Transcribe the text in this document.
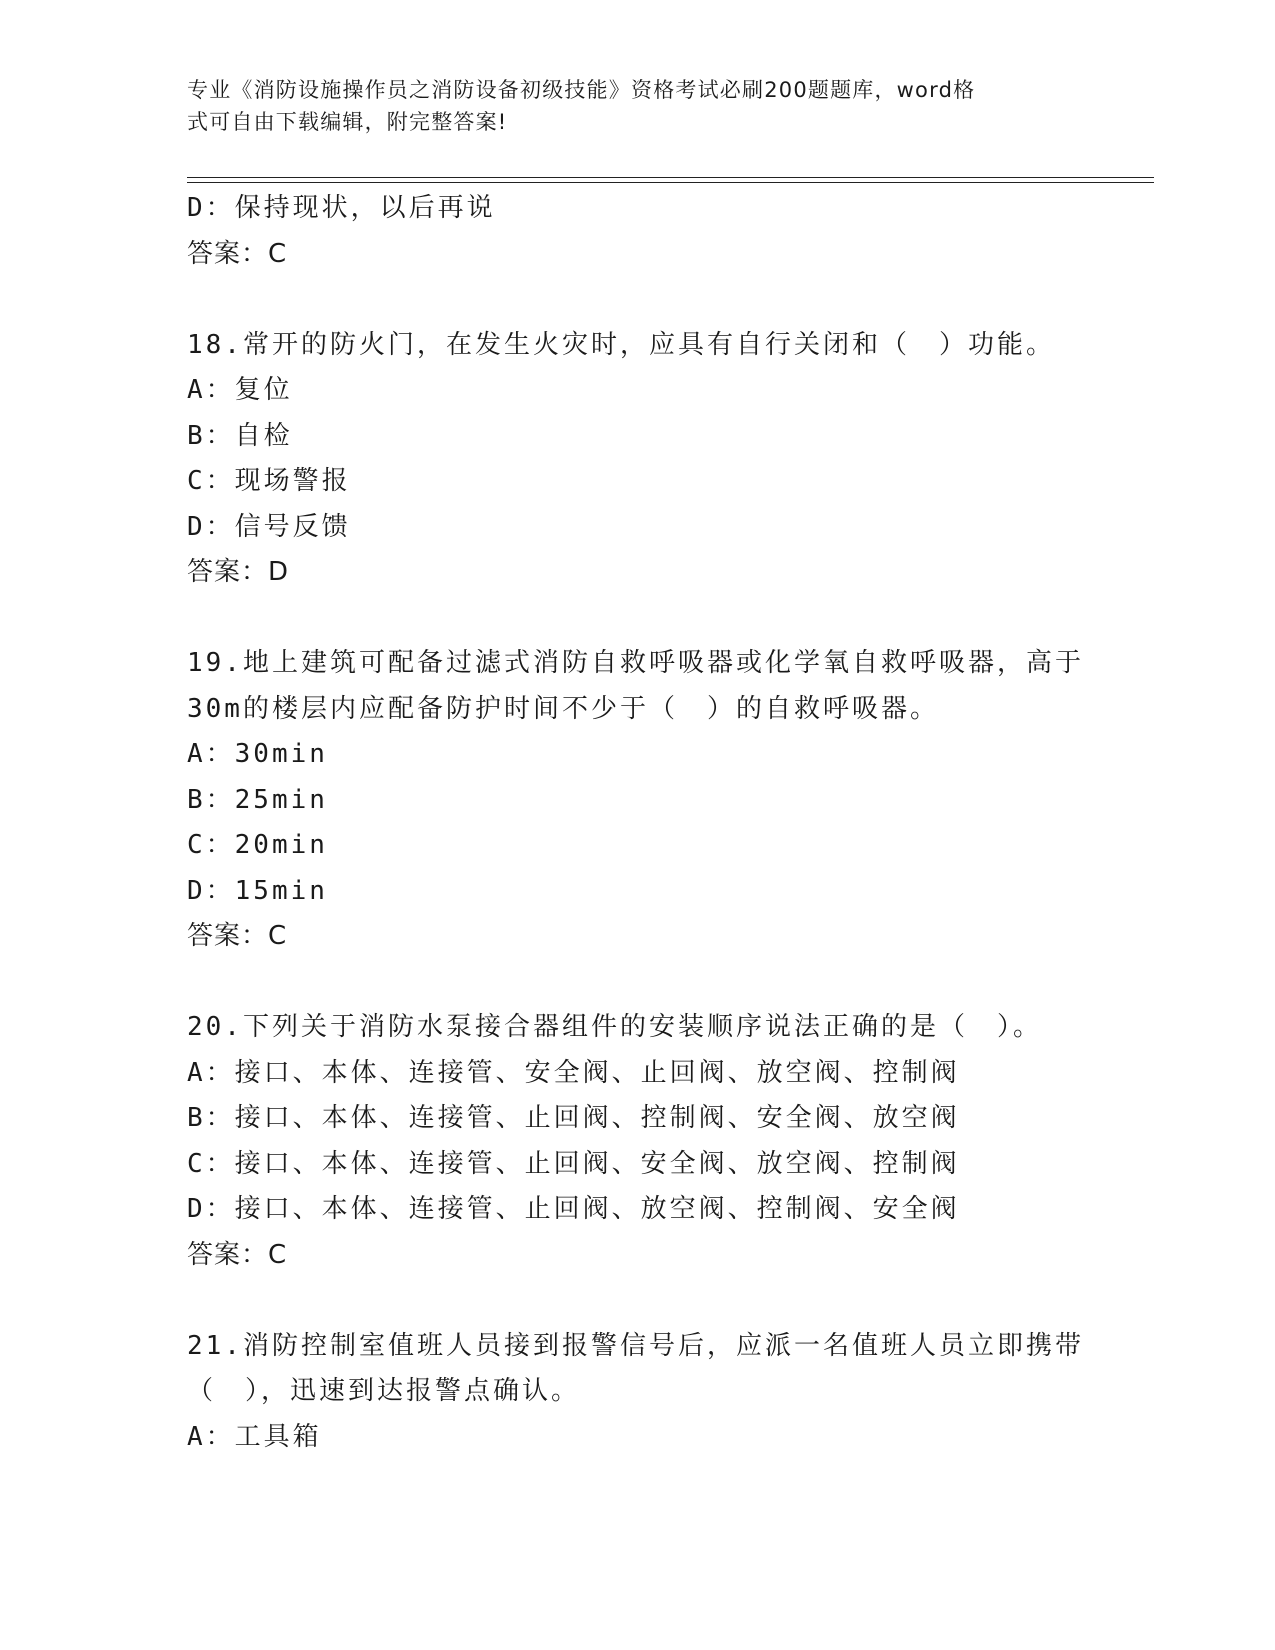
专业《消防设施操作员之消防设备初级技能》资格考试必刷200题题库，word格
式可自由下载编辑，附完整答案!
D：保持现状，以后再说
答案：C
18.常开的防火门，在发生火灾时，应具有自行关闭和（　）功能。
A：复位
B：自检
C：现场警报
D：信号反馈
答案：D
19.地上建筑可配备过滤式消防自救呼吸器或化学氧自救呼吸器，高于
30m的楼层内应配备防护时间不少于（　）的自救呼吸器。
A：30min
B：25min
C：20min
D：15min
答案：C
20.下列关于消防水泵接合器组件的安装顺序说法正确的是（　）。
A：接口、本体、连接管、安全阀、止回阀、放空阀、控制阀
B：接口、本体、连接管、止回阀、控制阀、安全阀、放空阀
C：接口、本体、连接管、止回阀、安全阀、放空阀、控制阀
D：接口、本体、连接管、止回阀、放空阀、控制阀、安全阀
答案：C
21.消防控制室值班人员接到报警信号后，应派一名值班人员立即携带
（　），迅速到达报警点确认。
A：工具箱
